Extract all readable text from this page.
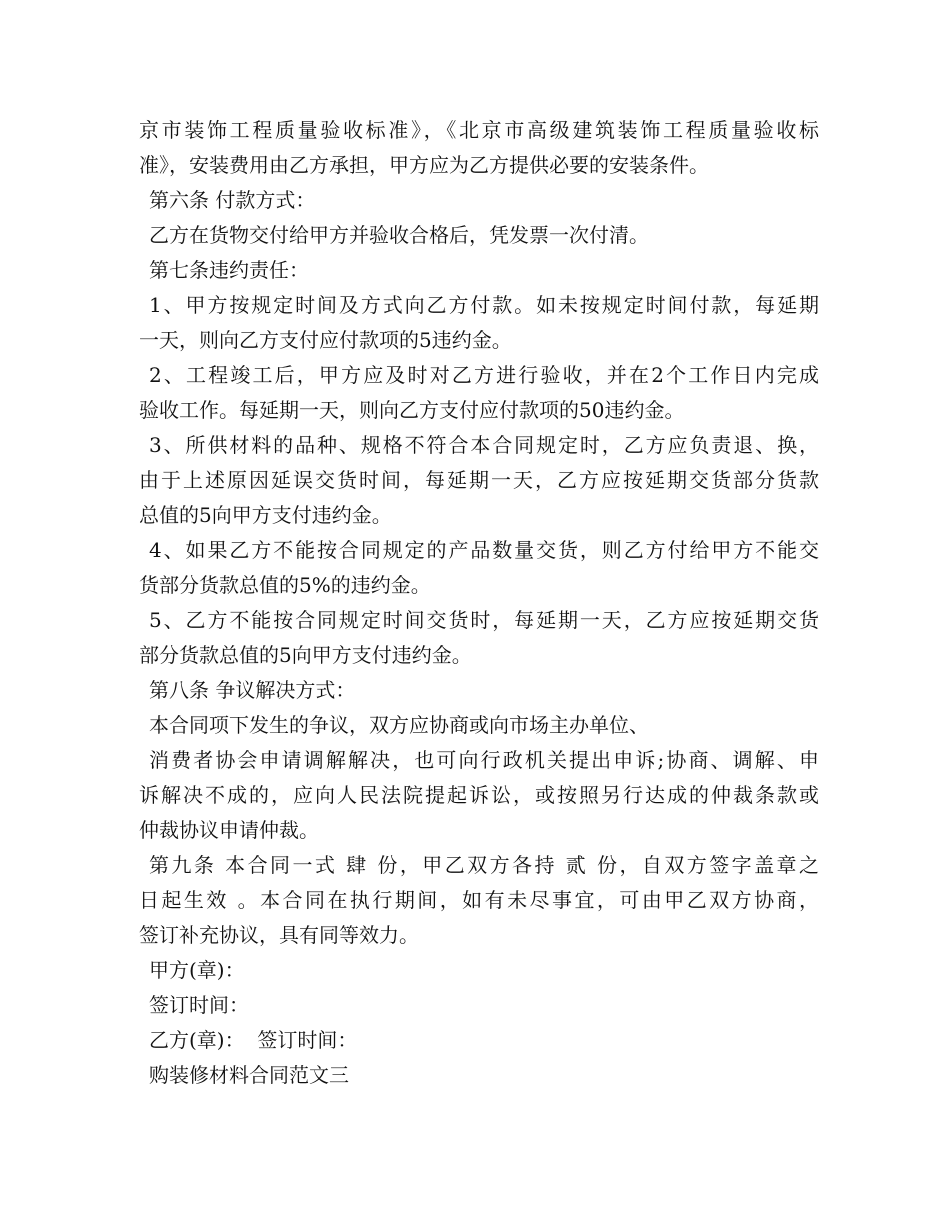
京市装饰工程质量验收标准》，《北京市高级建筑装饰工程质量验收标
准》，安装费用由乙方承担，甲方应为乙方提供必要的安装条件。
第六条 付款方式：
乙方在货物交付给甲方并验收合格后，凭发票一次付清。
第七条违约责任：
1、甲方按规定时间及方式向乙方付款。如未按规定时间付款，每延期
一天，则向乙方支付应付款项的5违约金。
2、工程竣工后，甲方应及时对乙方进行验收，并在2个工作日内完成
验收工作。每延期一天，则向乙方支付应付款项的50违约金。
3、所供材料的品种、规格不符合本合同规定时，乙方应负责退、换，
由于上述原因延误交货时间，每延期一天，乙方应按延期交货部分货款
总值的5向甲方支付违约金。
4、如果乙方不能按合同规定的产品数量交货，则乙方付给甲方不能交
货部分货款总值的5%的违约金。
5、乙方不能按合同规定时间交货时，每延期一天，乙方应按延期交货
部分货款总值的5向甲方支付违约金。
第八条 争议解决方式：
本合同项下发生的争议，双方应协商或向市场主办单位、
消费者协会申请调解解决，也可向行政机关提出申诉;协商、调解、申
诉解决不成的，应向人民法院提起诉讼，或按照另行达成的仲裁条款或
仲裁协议申请仲裁。
第九条 本合同一式 肆 份，甲乙双方各持 贰 份，自双方签字盖章之
日起生效 。本合同在执行期间，如有未尽事宜，可由甲乙双方协商，
签订补充协议，具有同等效力。
甲方(章)：
签订时间：
乙方(章)：  签订时间：
购装修材料合同范文三
